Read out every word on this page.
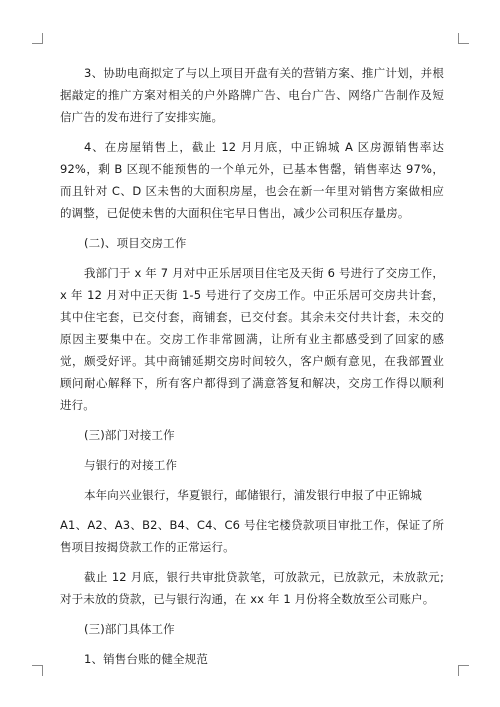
3、协助电商拟定了与以上项目开盘有关的营销方案、推广计划，并根据敲定的推广方案对相关的户外路牌广告、电台广告、网络广告制作及短信广告的发布进行了安排实施。

4、在房屋销售上，截止 12 月月底，中正锦城 A 区房源销售率达 92%，剩 B 区现不能预售的一个单元外，已基本售罄，销售率达 97%，而且针对 C、D 区未售的大面积房屋，也会在新一年里对销售方案做相应的调整，已促使未售的大面积住宅早日售出，减少公司积压存量房。

(二)、项目交房工作

我部门于 x 年 7 月对中正乐居项目住宅及天街 6 号进行了交房工作，x 年 12 月对中正天街 1-5 号进行了交房工作。中正乐居可交房共计套，其中住宅套，已交付套，商铺套，已交付套。其余未交付共计套，未交的原因主要集中在。交房工作非常圆满，让所有业主都感受到了回家的感觉，颇受好评。其中商铺延期交房时间较久，客户颇有意见，在我部置业顾问耐心解释下，所有客户都得到了满意答复和解决，交房工作得以顺利进行。

(三)部门对接工作

与银行的对接工作

本年向兴业银行，华夏银行，邮储银行，浦发银行申报了中正锦城

A1、A2、A3、B2、B4、C4、C6 号住宅楼贷款项目审批工作，保证了所售项目按揭贷款工作的正常运行。

截止 12 月底，银行共审批贷款笔，可放款元，已放款元，未放款元;对于未放的贷款，已与银行沟通，在 xx 年 1 月份将全数放至公司账户。

(三)部门具体工作

1、销售台账的健全规范
